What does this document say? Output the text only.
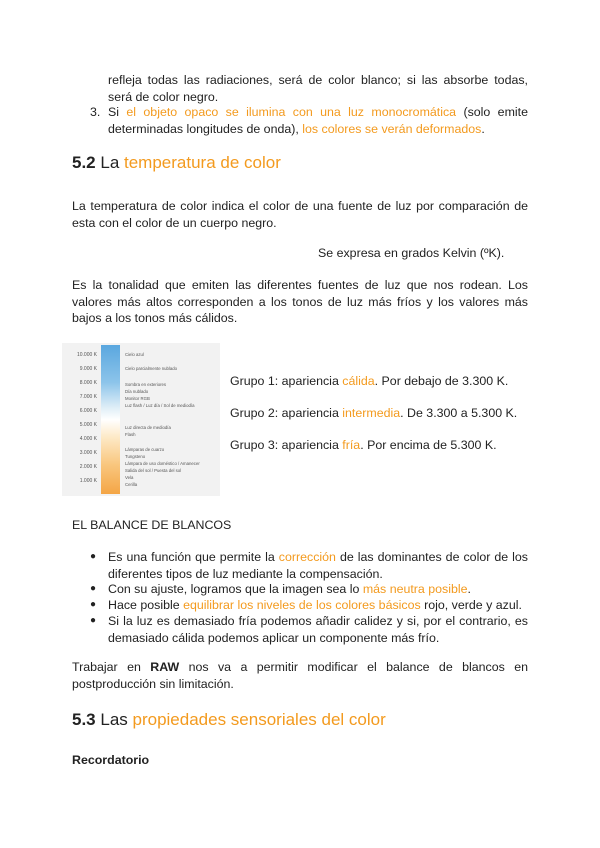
refleja todas las radiaciones, será de color blanco; si las absorbe todas, será de color negro.
3. Si el objeto opaco se ilumina con una luz monocromática (solo emite determinadas longitudes de onda), los colores se verán deformados.
5.2 La temperatura de color
La temperatura de color indica el color de una fuente de luz por comparación de esta con el color de un cuerpo negro.
Se expresa en grados Kelvin (ºK).
Es la tonalidad que emiten las diferentes fuentes de luz que nos rodean. Los valores más altos corresponden a los tonos de luz más fríos y los valores más bajos a los tonos más cálidos.
10.000 K
9.000 K
8.000 K
7.000 K
6.000 K
5.000 K
4.000 K
3.000 K
2.000 K
1.000 K
Cielo azul
Cielo parcialmente nublado
Sombra en exteriores
Día nublado
Monitor RGB
Luz flash / Luz día / Sol de mediodía
Luz directa de mediodía
Flash
Lámparas de cuarzo
Tungsteno
Lámpara de uso doméstico / Amanecer
Salida del sol / Puesta del sol
Vela
Cerilla
Grupo 1: apariencia cálida. Por debajo de 3.300 K.
Grupo 2: apariencia intermedia. De 3.300 a 5.300 K.
Grupo 3: apariencia fría. Por encima de 5.300 K.
EL BALANCE DE BLANCOS
● Es una función que permite la corrección de las dominantes de color de los diferentes tipos de luz mediante la compensación.
● Con su ajuste, logramos que la imagen sea lo más neutra posible.
● Hace posible equilibrar los niveles de los colores básicos rojo, verde y azul.
● Si la luz es demasiado fría podemos añadir calidez y si, por el contrario, es demasiado cálida podemos aplicar un componente más frío.
Trabajar en RAW nos va a permitir modificar el balance de blancos en postproducción sin limitación.
5.3 Las propiedades sensoriales del color
Recordatorio
